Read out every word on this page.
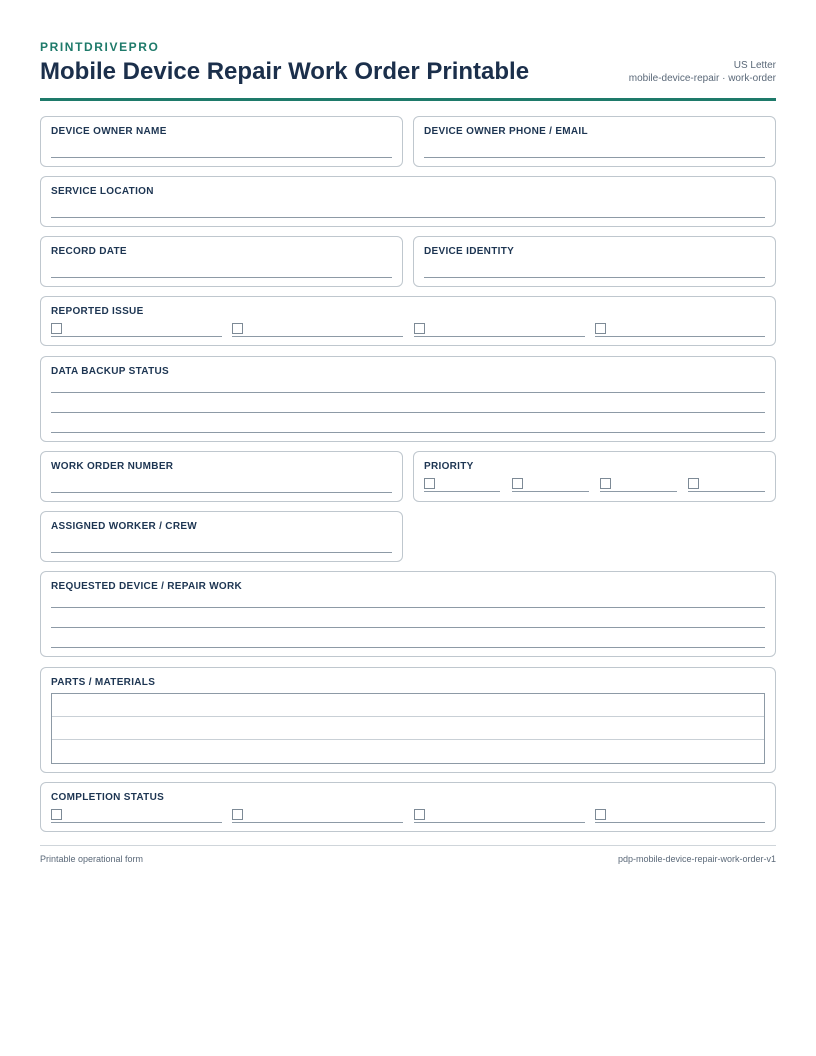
PRINTDRIVEPRO
Mobile Device Repair Work Order Printable	US Letter
mobile-device-repair · work-order
DEVICE OWNER NAME	DEVICE OWNER PHONE / EMAIL
SERVICE LOCATION
RECORD DATE	DEVICE IDENTITY
REPORTED ISSUE
DATA BACKUP STATUS
WORK ORDER NUMBER	PRIORITY
ASSIGNED WORKER / CREW
REQUESTED DEVICE / REPAIR WORK
PARTS / MATERIALS
COMPLETION STATUS
Printable operational form	pdp-mobile-device-repair-work-order-v1
